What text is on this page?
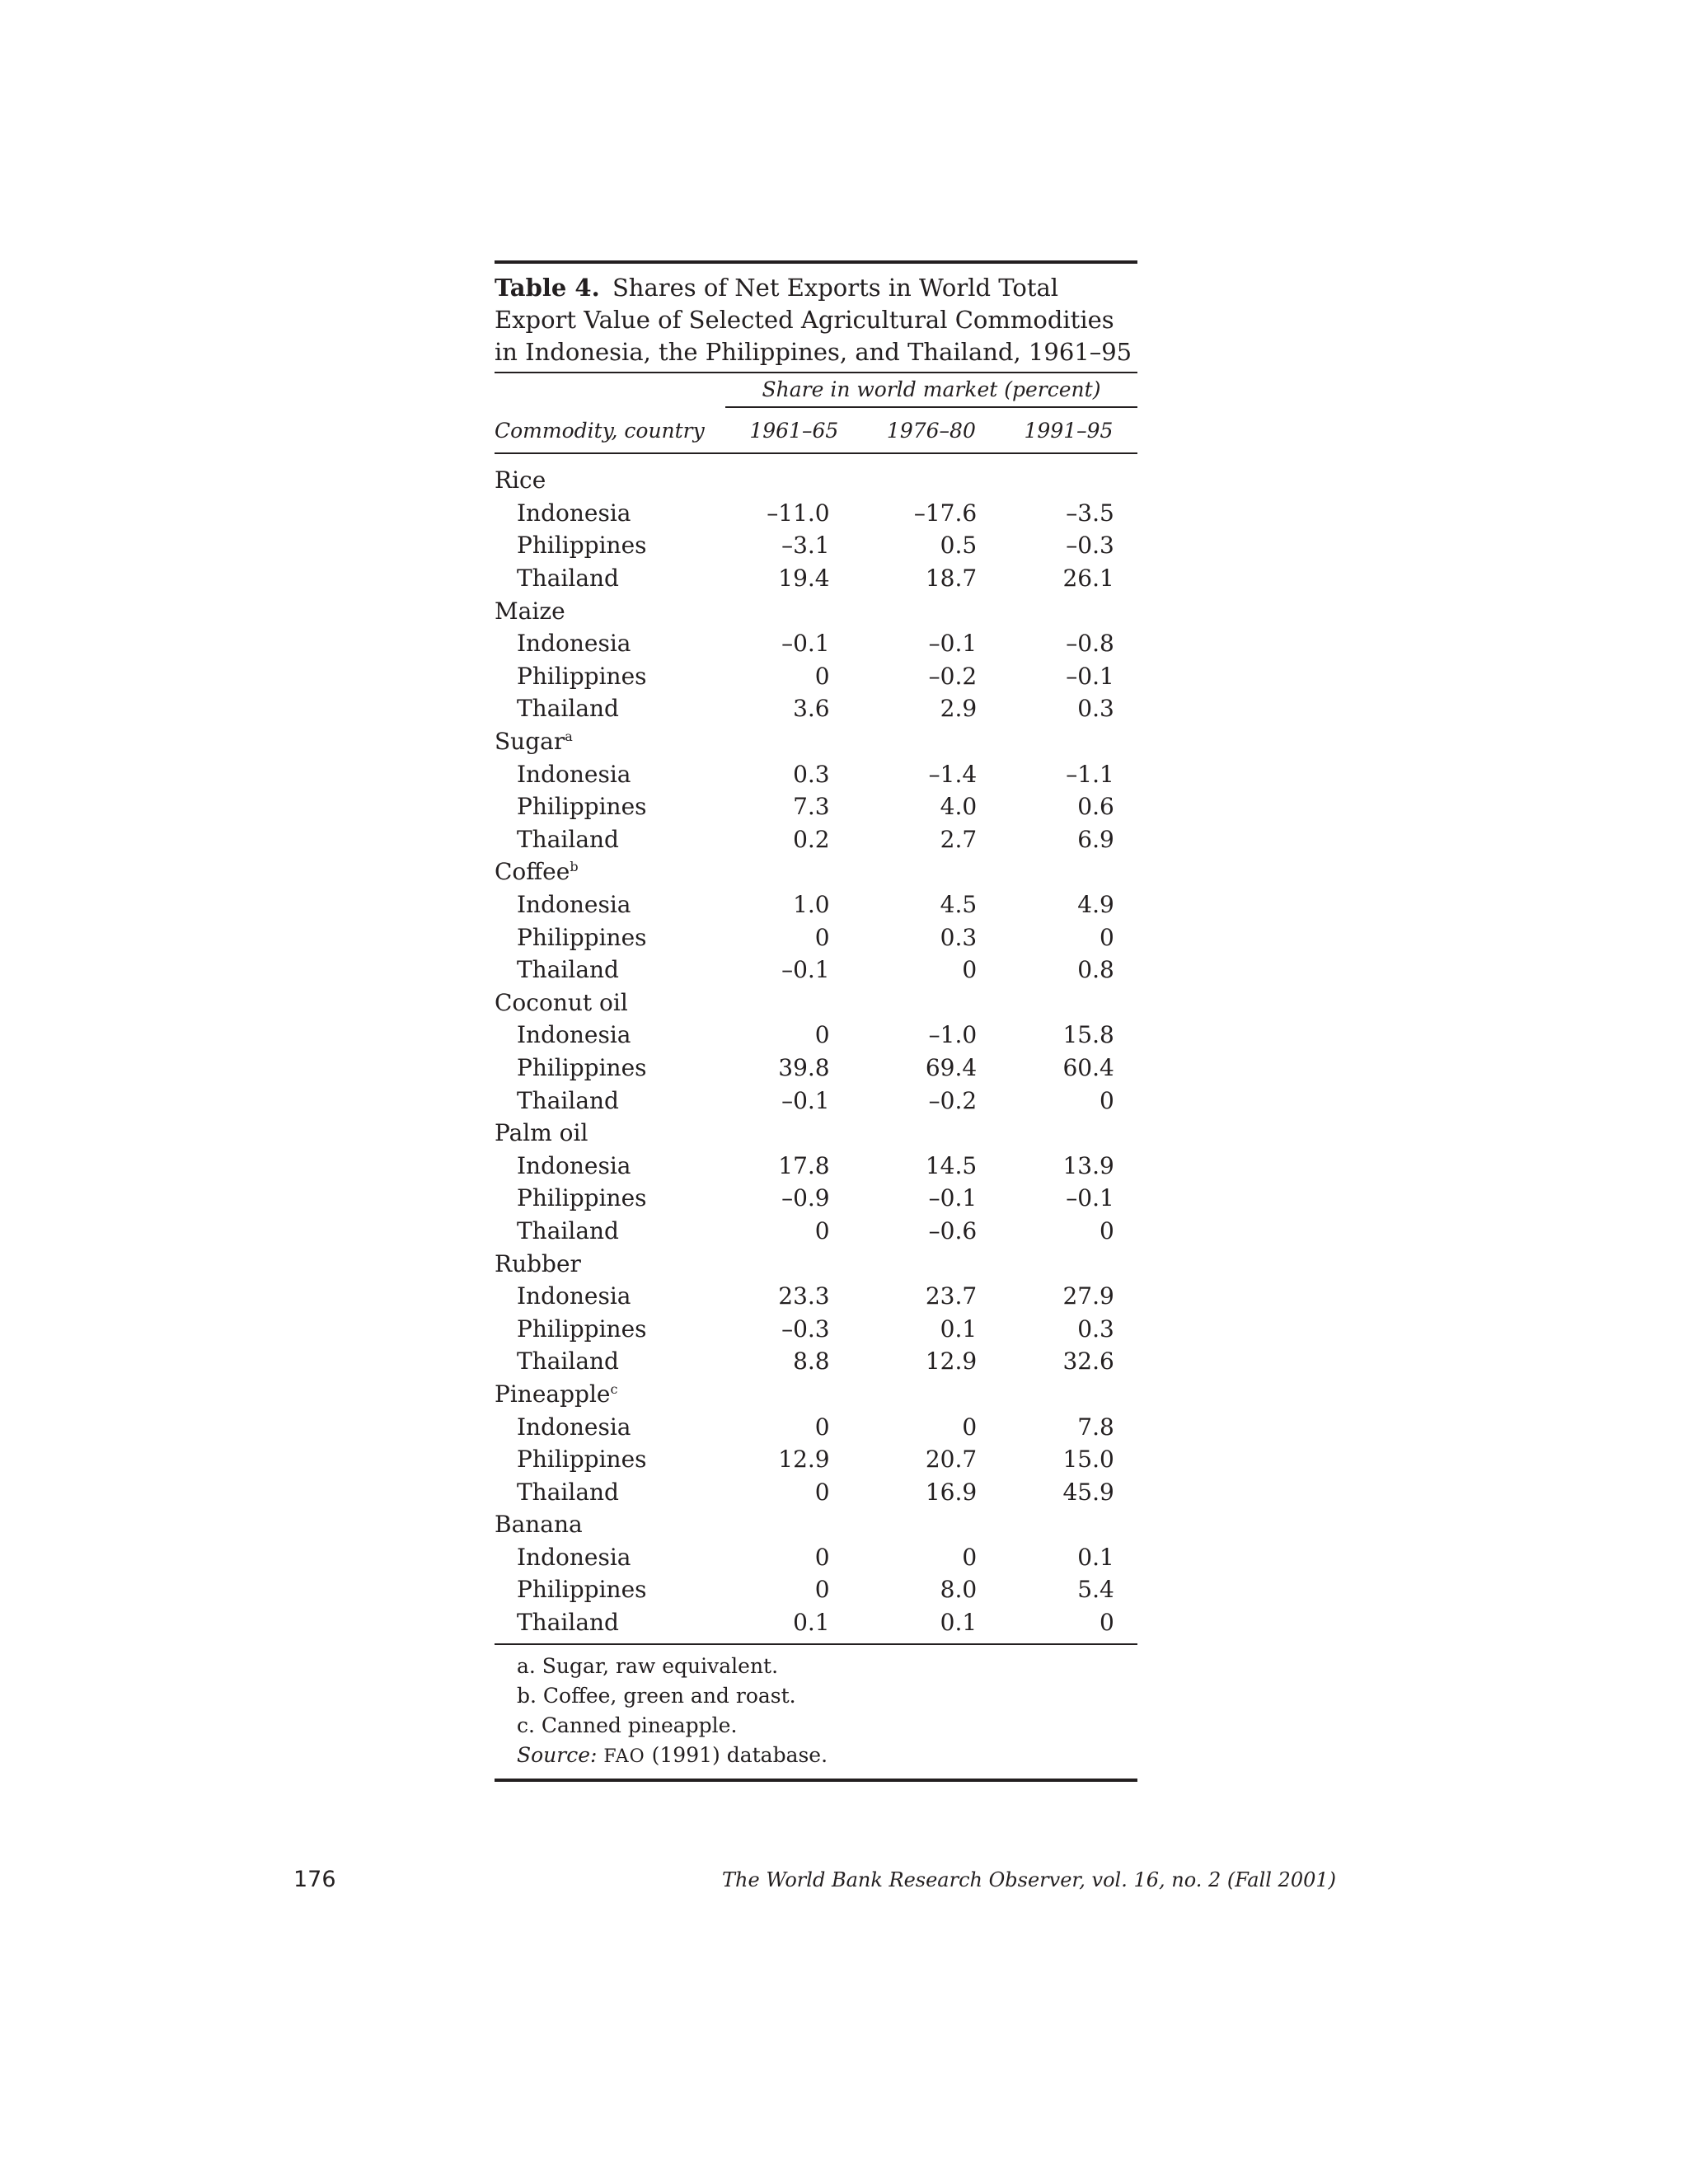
Table 4. Shares of Net Exports in World Total Export Value of Selected Agricultural Commodities in Indonesia, the Philippines, and Thailand, 1961–95
Share in world market (percent)
Commodity, country	1961–65	1976–80	1991–95
Rice
Indonesia	–11.0	–17.6	–3.5
Philippines	–3.1	0.5	–0.3
Thailand	19.4	18.7	26.1
Maize
Indonesia	–0.1	–0.1	–0.8
Philippines	0	–0.2	–0.1
Thailand	3.6	2.9	0.3
Sugar$^a$
Indonesia	0.3	–1.4	–1.1
Philippines	7.3	4.0	0.6
Thailand	0.2	2.7	6.9
Coffee$^b$
Indonesia	1.0	4.5	4.9
Philippines	0	0.3	0
Thailand	–0.1	0	0.8
Coconut oil
Indonesia	0	–1.0	15.8
Philippines	39.8	69.4	60.4
Thailand	–0.1	–0.2	0
Palm oil
Indonesia	17.8	14.5	13.9
Philippines	–0.9	–0.1	–0.1
Thailand	0	–0.6	0
Rubber
Indonesia	23.3	23.7	27.9
Philippines	–0.3	0.1	0.3
Thailand	8.8	12.9	32.6
Pineapple$^c$
Indonesia	0	0	7.8
Philippines	12.9	20.7	15.0
Thailand	0	16.9	45.9
Banana
Indonesia	0	0	0.1
Philippines	0	8.0	5.4
Thailand	0.1	0.1	0
a. Sugar, raw equivalent.
b. Coffee, green and roast.
c. Canned pineapple.
Source: FAO (1991) database.
176	The World Bank Research Observer, vol. 16, no. 2 (Fall 2001)
